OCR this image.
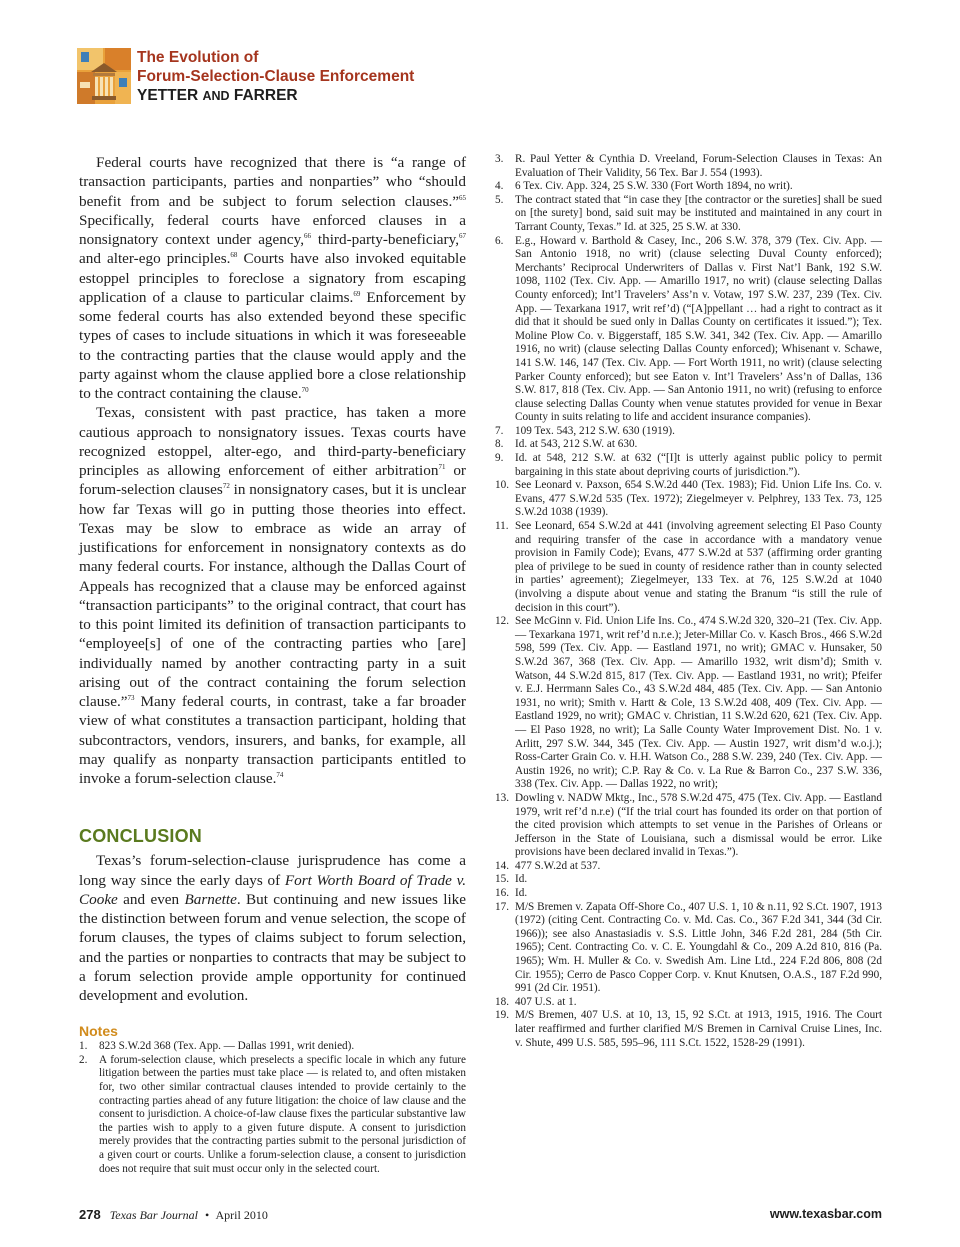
The Evolution of
Forum-Selection-Clause Enforcement
YETTER AND FARRER

Federal courts have recognized that there is “a range of transaction participants, parties and nonparties” who “should benefit from and be subject to forum selection clauses.”$^{65}$ Specifically, federal courts have enforced clauses in a nonsignatory context under agency,$^{66}$ third-party-beneficiary,$^{67}$ and alter-ego principles.$^{68}$ Courts have also invoked equitable estoppel principles to foreclose a signatory from escaping application of a clause to particular claims.$^{69}$ Enforcement by some federal courts has also extended beyond these specific types of cases to include situations in which it was foreseeable to the contracting parties that the clause would apply and the party against whom the clause applied bore a close relationship to the contract containing the clause.$^{70}$

Texas, consistent with past practice, has taken a more cautious approach to nonsignatory issues. Texas courts have recognized estoppel, alter-ego, and third-party-beneficiary principles as allowing enforcement of either arbitration$^{71}$ or forum-selection clauses$^{72}$ in nonsignatory cases, but it is unclear how far Texas will go in putting those theories into effect. Texas may be slow to embrace as wide an array of justifications for enforcement in nonsignatory contexts as do many federal courts. For instance, although the Dallas Court of Appeals has recognized that a clause may be enforced against “transaction participants” to the original contract, that court has to this point limited its definition of transaction participants to “employee[s] of one of the contracting parties who [are] individually named by another contracting party in a suit arising out of the contract containing the forum selection clause.”$^{73}$ Many federal courts, in contrast, take a far broader view of what constitutes a transaction participant, holding that subcontractors, vendors, insurers, and banks, for example, all may qualify as nonparty transaction participants entitled to invoke a forum-selection clause.$^{74}$

CONCLUSION

Texas’s forum-selection-clause jurisprudence has come a long way since the early days of Fort Worth Board of Trade v. Cooke and even Barnette. But continuing and new issues like the distinction between forum and venue selection, the scope of forum clauses, the types of claims subject to forum selection, and the parties or nonparties to contracts that may be subject to a forum selection provide ample opportunity for continued development and evolution.

Notes
1. 823 S.W.2d 368 (Tex. App. — Dallas 1991, writ denied).
2. A forum-selection clause, which preselects a specific locale in which any future litigation between the parties must take place — is related to, and often mistaken for, two other similar contractual clauses intended to provide certainly to the contracting parties ahead of any future litigation: the choice of law clause and the consent to jurisdiction. A choice-of-law clause fixes the particular substantive law the parties wish to apply to a given future dispute. A consent to jurisdiction merely provides that the contracting parties submit to the personal jurisdiction of a given court or courts. Unlike a forum-selection clause, a consent to jurisdiction does not require that suit must occur only in the selected court.
3. R. Paul Yetter & Cynthia D. Vreeland, Forum-Selection Clauses in Texas: An Evaluation of Their Validity, 56 Tex. Bar J. 554 (1993).
4. 6 Tex. Civ. App. 324, 25 S.W. 330 (Fort Worth 1894, no writ).
5. The contract stated that “in case they [the contractor or the sureties] shall be sued on [the surety] bond, said suit may be instituted and maintained in any court in Tarrant County, Texas.” Id. at 325, 25 S.W. at 330.
6. E.g., Howard v. Barthold & Casey, Inc., 206 S.W. 378, 379 (Tex. Civ. App. — San Antonio 1918, no writ) (clause selecting Duval County enforced); Merchants’ Reciprocal Underwriters of Dallas v. First Nat’l Bank, 192 S.W. 1098, 1102 (Tex. Civ. App. — Amarillo 1917, no writ) (clause selecting Dallas County enforced); Int’l Travelers’ Ass’n v. Votaw, 197 S.W. 237, 239 (Tex. Civ. App. — Texarkana 1917, writ ref’d) (“[A]ppellant … had a right to contract as it did that it should be sued only in Dallas County on certificates it issued.”); Tex. Moline Plow Co. v. Biggerstaff, 185 S.W. 341, 342 (Tex. Civ. App. — Amarillo 1916, no writ) (clause selecting Dallas County enforced); Whisenant v. Schawe, 141 S.W. 146, 147 (Tex. Civ. App. — Fort Worth 1911, no writ) (clause selecting Parker County enforced); but see Eaton v. Int’l Travelers’ Ass’n of Dallas, 136 S.W. 817, 818 (Tex. Civ. App. — San Antonio 1911, no writ) (refusing to enforce clause selecting Dallas County when venue statutes provided for venue in Bexar County in suits relating to life and accident insurance companies).
7. 109 Tex. 543, 212 S.W. 630 (1919).
8. Id. at 543, 212 S.W. at 630.
9. Id. at 548, 212 S.W. at 632 (“[I]t is utterly against public policy to permit bargaining in this state about depriving courts of jurisdiction.”).
10. See Leonard v. Paxson, 654 S.W.2d 440 (Tex. 1983); Fid. Union Life Ins. Co. v. Evans, 477 S.W.2d 535 (Tex. 1972); Ziegelmeyer v. Pelphrey, 133 Tex. 73, 125 S.W.2d 1038 (1939).
11. See Leonard, 654 S.W.2d at 441 (involving agreement selecting El Paso County and requiring transfer of the case in accordance with a mandatory venue provision in Family Code); Evans, 477 S.W.2d at 537 (affirming order granting plea of privilege to be sued in county of residence rather than in county selected in parties’ agreement); Ziegelmeyer, 133 Tex. at 76, 125 S.W.2d at 1040 (involving a dispute about venue and stating the Branum “is still the rule of decision in this court”).
12. See McGinn v. Fid. Union Life Ins. Co., 474 S.W.2d 320, 320–21 (Tex. Civ. App. — Texarkana 1971, writ ref’d n.r.e.); Jeter-Millar Co. v. Kasch Bros., 466 S.W.2d 598, 599 (Tex. Civ. App. — Eastland 1971, no writ); GMAC v. Hunsaker, 50 S.W.2d 367, 368 (Tex. Civ. App. — Amarillo 1932, writ dism’d); Smith v. Watson, 44 S.W.2d 815, 817 (Tex. Civ. App. — Eastland 1931, no writ); Pfeifer v. E.J. Herrmann Sales Co., 43 S.W.2d 484, 485 (Tex. Civ. App. — San Antonio 1931, no writ); Smith v. Hartt & Cole, 13 S.W.2d 408, 409 (Tex. Civ. App. — Eastland 1929, no writ); GMAC v. Christian, 11 S.W.2d 620, 621 (Tex. Civ. App. — El Paso 1928, no writ); La Salle County Water Improvement Dist. No. 1 v. Arlitt, 297 S.W. 344, 345 (Tex. Civ. App. — Austin 1927, writ dism’d w.o.j.); Ross-Carter Grain Co. v. H.H. Watson Co., 288 S.W. 239, 240 (Tex. Civ. App. — Austin 1926, no writ); C.P. Ray & Co. v. La Rue & Barron Co., 237 S.W. 336, 338 (Tex. Civ. App. — Dallas 1922, no writ);
13. Dowling v. NADW Mktg., Inc., 578 S.W.2d 475, 475 (Tex. Civ. App. — Eastland 1979, writ ref’d n.r.e) (“If the trial court has founded its order on that portion of the cited provision which attempts to set venue in the Parishes of Orleans or Jefferson in the State of Louisiana, such a dismissal would be error. Like provisions have been declared invalid in Texas.”).
14. 477 S.W.2d at 537.
15. Id.
16. Id.
17. M/S Bremen v. Zapata Off-Shore Co., 407 U.S. 1, 10 & n.11, 92 S.Ct. 1907, 1913 (1972) (citing Cent. Contracting Co. v. Md. Cas. Co., 367 F.2d 341, 344 (3d Cir. 1966)); see also Anastasiadis v. S.S. Little John, 346 F.2d 281, 284 (5th Cir. 1965); Cent. Contracting Co. v. C. E. Youngdahl & Co., 209 A.2d 810, 816 (Pa. 1965); Wm. H. Muller & Co. v. Swedish Am. Line Ltd., 224 F.2d 806, 808 (2d Cir. 1955); Cerro de Pasco Copper Corp. v. Knut Knutsen, O.A.S., 187 F.2d 990, 991 (2d Cir. 1951).
18. 407 U.S. at 1.
19. M/S Bremen, 407 U.S. at 10, 13, 15, 92 S.Ct. at 1913, 1915, 1916. The Court later reaffirmed and further clarified M/S Bremen in Carnival Cruise Lines, Inc. v. Shute, 499 U.S. 585, 595–96, 111 S.Ct. 1522, 1528-29 (1991).
278 Texas Bar Journal • April 2010	www.texasbar.com
